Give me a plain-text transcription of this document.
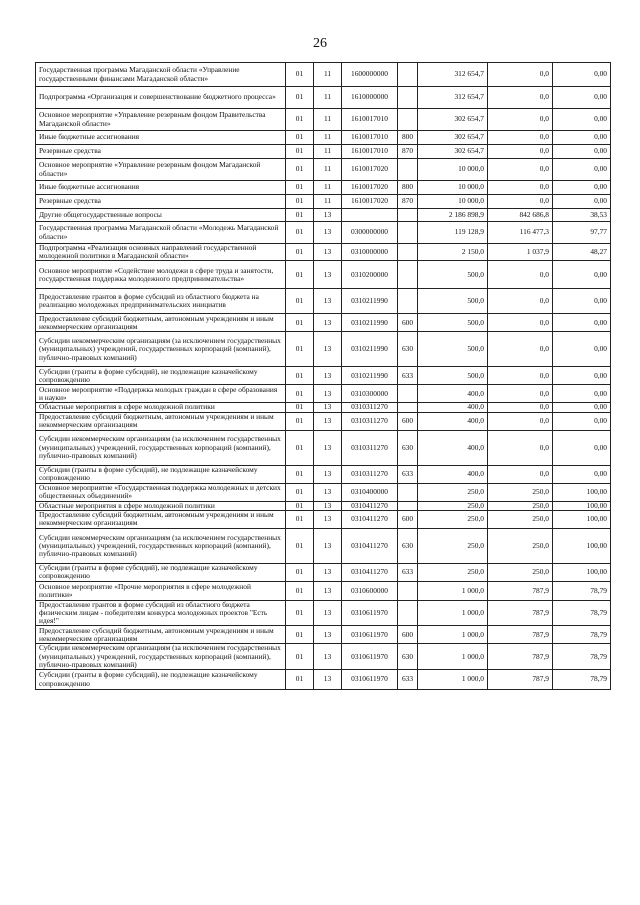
26
Государственная программа Магаданской области «Управление государственными финансами Магаданской области»	01	11	1600000000		312 654,7	0,0	0,00
Подпрограмма «Организация и совершенствование бюджетного процесса»	01	11	1610000000		312 654,7	0,0	0,00
Основное мероприятие «Управление резервным фондом Правительства Магаданской области»	01	11	1610017010		302 654,7	0,0	0,00
Иные бюджетные ассигнования	01	11	1610017010	800	302 654,7	0,0	0,00
Резервные средства	01	11	1610017010	870	302 654,7	0,0	0,00
Основное мероприятие «Управление резервным фондом Магаданской области»	01	11	1610017020		10 000,0	0,0	0,00
Иные бюджетные ассигнования	01	11	1610017020	800	10 000,0	0,0	0,00
Резервные средства	01	11	1610017020	870	10 000,0	0,0	0,00
Другие общегосударственные вопросы	01	13			2 186 898,9	842 686,8	38,53
Государственная программа Магаданской области «Молодежь Магаданской области»	01	13	0300000000		119 128,9	116 477,3	97,77
Подпрограмма «Реализация основных направлений государственной молодежной политики в Магаданской области»	01	13	0310000000		2 150,0	1 037,9	48,27
Основное мероприятие «Содействие молодежи в сфере труда и занятости, государственная поддержка молодежного предпринимательства»	01	13	0310200000		500,0	0,0	0,00
Предоставление грантов в форме субсидий из областного бюджета на реализацию молодежных предпринимательских инициатив	01	13	0310211990		500,0	0,0	0,00
Предоставление субсидий бюджетным, автономным учреждениям и иным некоммерческим организациям	01	13	0310211990	600	500,0	0,0	0,00
Субсидии некоммерческим организациям (за исключением государственных (муниципальных) учреждений, государственных корпораций (компаний), публично-правовых компаний)	01	13	0310211990	630	500,0	0,0	0,00
Субсидии (гранты в форме субсидий), не подлежащие казначейскому сопровождению	01	13	0310211990	633	500,0	0,0	0,00
Основное мероприятие «Поддержка молодых граждан в сфере образования и науки»	01	13	0310300000		400,0	0,0	0,00
Областные мероприятия в сфере молодежной политики	01	13	0310311270		400,0	0,0	0,00
Предоставление субсидий бюджетным, автономным учреждениям и иным некоммерческим организациям	01	13	0310311270	600	400,0	0,0	0,00
Субсидии некоммерческим организациям (за исключением государственных (муниципальных) учреждений, государственных корпораций (компаний), публично-правовых компаний)	01	13	0310311270	630	400,0	0,0	0,00
Субсидии (гранты в форме субсидий), не подлежащие казначейскому сопровождению	01	13	0310311270	633	400,0	0,0	0,00
Основное мероприятие «Государственная поддержка молодежных и детских общественных объединений»	01	13	0310400000		250,0	250,0	100,00
Областные мероприятия в сфере молодежной политики	01	13	0310411270		250,0	250,0	100,00
Предоставление субсидий бюджетным, автономным учреждениям и иным некоммерческим организациям	01	13	0310411270	600	250,0	250,0	100,00
Субсидии некоммерческим организациям (за исключением государственных (муниципальных) учреждений, государственных корпораций (компаний), публично-правовых компаний)	01	13	0310411270	630	250,0	250,0	100,00
Субсидии (гранты в форме субсидий), не подлежащие казначейскому сопровождению	01	13	0310411270	633	250,0	250,0	100,00
Основное мероприятие «Прочие мероприятия в сфере молодежной политики»	01	13	0310600000		1 000,0	787,9	78,79
Предоставление грантов в форме субсидий из областного бюджета физическим лицам - победителям конкурса молодежных проектов "Есть идея!"	01	13	0310611970		1 000,0	787,9	78,79
Предоставление субсидий бюджетным, автономным учреждениям и иным некоммерческим организациям	01	13	0310611970	600	1 000,0	787,9	78,79
Субсидии некоммерческим организациям (за исключением государственных (муниципальных) учреждений, государственных корпораций (компаний), публично-правовых компаний)	01	13	0310611970	630	1 000,0	787,9	78,79
Субсидии (гранты в форме субсидий), не подлежащие казначейскому сопровождению	01	13	0310611970	633	1 000,0	787,9	78,79
